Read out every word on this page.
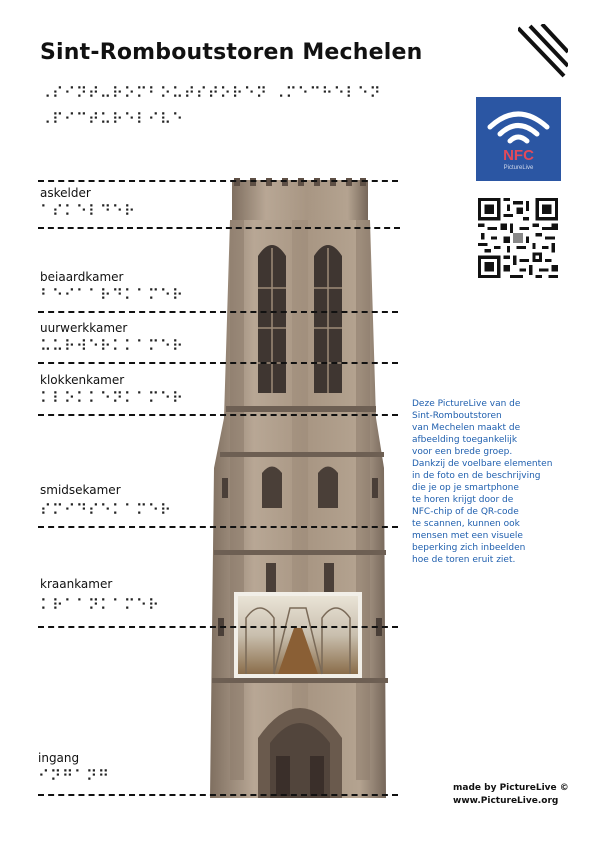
Sint-Romboutstoren Mechelen
⠠⠎⠊⠝⠞⠤⠗⠕⠍⠃⠕⠥⠞⠎⠞⠕⠗⠑⠝ ⠠⠍⠑⠉⠓⠑⠇⠑⠝
⠠⠏⠊⠉⠞⠥⠗⠑⠇⠊⠧⠑
NFC
PictureLive
askelder
⠁⠎⠅⠑⠇⠙⠑⠗
beiaardkamer
⠃⠑⠊⠁⠁⠗⠙⠅⠁⠍⠑⠗
uurwerkkamer
⠥⠥⠗⠺⠑⠗⠅⠅⠁⠍⠑⠗
klokkenkamer
⠅⠇⠕⠅⠅⠑⠝⠅⠁⠍⠑⠗
smidsekamer
⠎⠍⠊⠙⠎⠑⠅⠁⠍⠑⠗
kraankamer
⠅⠗⠁⠁⠝⠅⠁⠍⠑⠗
ingang
⠊⠝⠛⠁⠝⠛
Deze PictureLive van de
Sint-Romboutstoren
van Mechelen maakt de
afbeelding toegankelijk
voor een brede groep.
Dankzij de voelbare elementen
in de foto en de beschrijving
die je op je smartphone
te horen krijgt door de
NFC-chip of de QR-code
te scannen, kunnen ook
mensen met een visuele
beperking zich inbeelden
hoe de toren eruit ziet.
made by PictureLive ©
www.PictureLive.org
